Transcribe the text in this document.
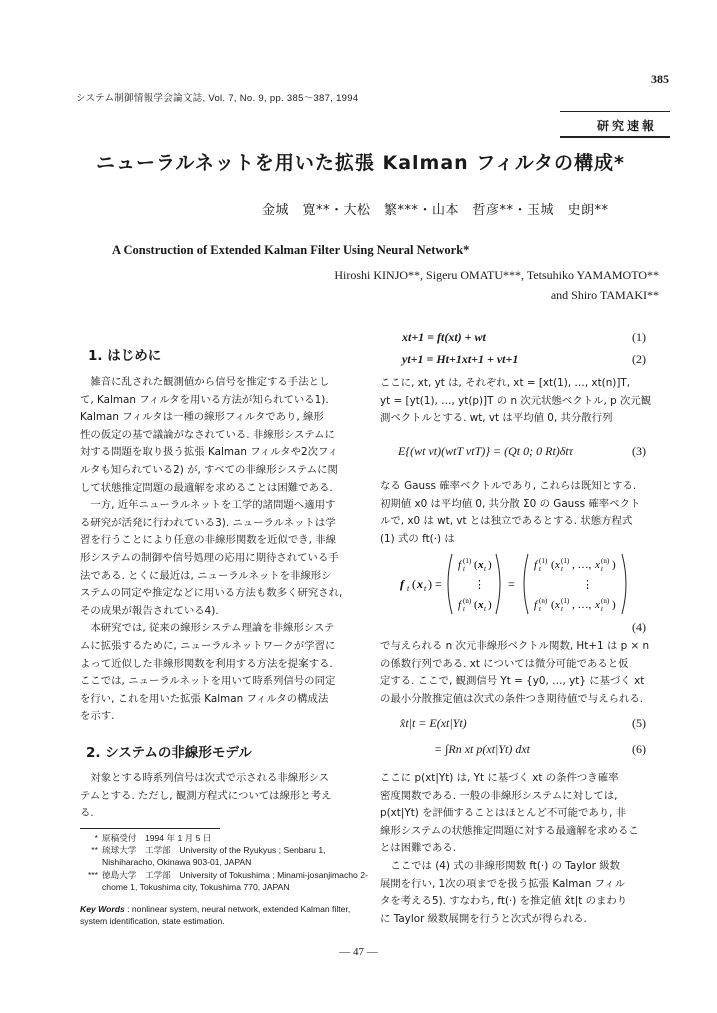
385
システム制御情報学会論文誌, Vol. 7, No. 9, pp. 385～387, 1994
研究速報
ニューラルネットを用いた拡張 Kalman フィルタの構成*
金城　寛**・大松　繁***・山本　哲彦**・玉城　史朗**
A Construction of Extended Kalman Filter Using Neural Network*
Hiroshi KINJO**, Sigeru OMATU***, Tetsuhiko YAMAMOTO**
and Shiro TAMAKI**
1. はじめに
　雑音に乱された観測値から信号を推定する手法とし
て, Kalman フィルタを用いる方法が知られている1).
Kalman フィルタは一種の線形フィルタであり, 線形
性の仮定の基で議論がなされている. 非線形システムに
対する問題を取り扱う拡張 Kalman フィルタや2次フィ
ルタも知られている2) が, すべての非線形システムに関
して状態推定問題の最適解を求めることは困難である.
　一方, 近年ニューラルネットを工学的諸問題へ適用す
る研究が活発に行われている3). ニューラルネットは学
習を行うことにより任意の非線形関数を近似でき, 非線
形システムの制御や信号処理の応用に期待されている手
法である. とくに最近は, ニューラルネットを非線形シ
ステムの同定や推定などに用いる方法も数多く研究され,
その成果が報告されている4).
　本研究では, 従来の線形システム理論を非線形システ
ムに拡張するために, ニューラルネットワークが学習に
よって近似した非線形関数を利用する方法を提案する.
ここでは, ニューラルネットを用いて時系列信号の同定
を行い, これを用いた拡張 Kalman フィルタの構成法
を示す.
2. システムの非線形モデル
　対象とする時系列信号は次式で示される非線形シス
テムとする. ただし, 観測方程式については線形と考え
る.
* 原稿受付　1994 年 1 月 5 日
** 琉球大学　工学部　University of the Ryukyus ; Senbaru 1, Nishiharacho, Okinawa 903-01, JAPAN
*** 徳島大学　工学部　University of Tokushima ; Minami-josanjimacho 2-chome 1, Tokushima city, Tokushima 770, JAPAN
Key Words : nonlinear system, neural network, extended Kalman filter, system identification, state estimation.
xt+1 = ft(xt) + wt	(1)
yt+1 = Ht+1xt+1 + vt+1	(2)
ここに, xt, yt は, それぞれ, xt = [xt(1), …, xt(n)]T,
yt = [yt(1), …, yt(p)]T の n 次元状態ベクトル, p 次元観
測ベクトルとする. wt, vt は平均値 0, 共分散行列
E{(wt vt)(wtT vtT)} = (Qt 0; 0 Rt)δtτ	(3)
なる Gauss 確率ベクトルであり, これらは既知とする.
初期値 x0 は平均値 0, 共分散 Σ0 の Gauss 確率ベクト
ルで, x0 は wt, vt とは独立であるとする. 状態方程式
(1) 式の ft(·) は
f t ( x t ) =
f (1)
t ( x t )
⋮
f (n)
t ( x t )
=
f (1)
t ( x (1)
t , …, x (n)
t )
⋮
f (n)
t ( x (1)
t , …, x (n)
t )
(4)
で与えられる n 次元非線形ベクトル関数, Ht+1 は p × n
の係数行列である. xt については微分可能であると仮
定する. ここで, 観測信号 Yt = {y0, …, yt} に基づく xt
の最小分散推定値は次式の条件つき期待値で与えられる.
x̂t|t = E(xt|Yt)	(5)
= ∫Rn xt p(xt|Yt) dxt	(6)
ここに p(xt|Yt) は, Yt に基づく xt の条件つき確率
密度関数である. 一般の非線形システムに対しては,
p(xt|Yt) を評価することはほとんど不可能であり, 非
線形システムの状態推定問題に対する最適解を求めるこ
とは困難である.
　ここでは (4) 式の非線形関数 ft(·) の Taylor 級数
展開を行い, 1次の項までを扱う拡張 Kalman フィル
タを考える5). すなわち, ft(·) を推定値 x̂t|t のまわり
に Taylor 級数展開を行うと次式が得られる.
— 47 —
